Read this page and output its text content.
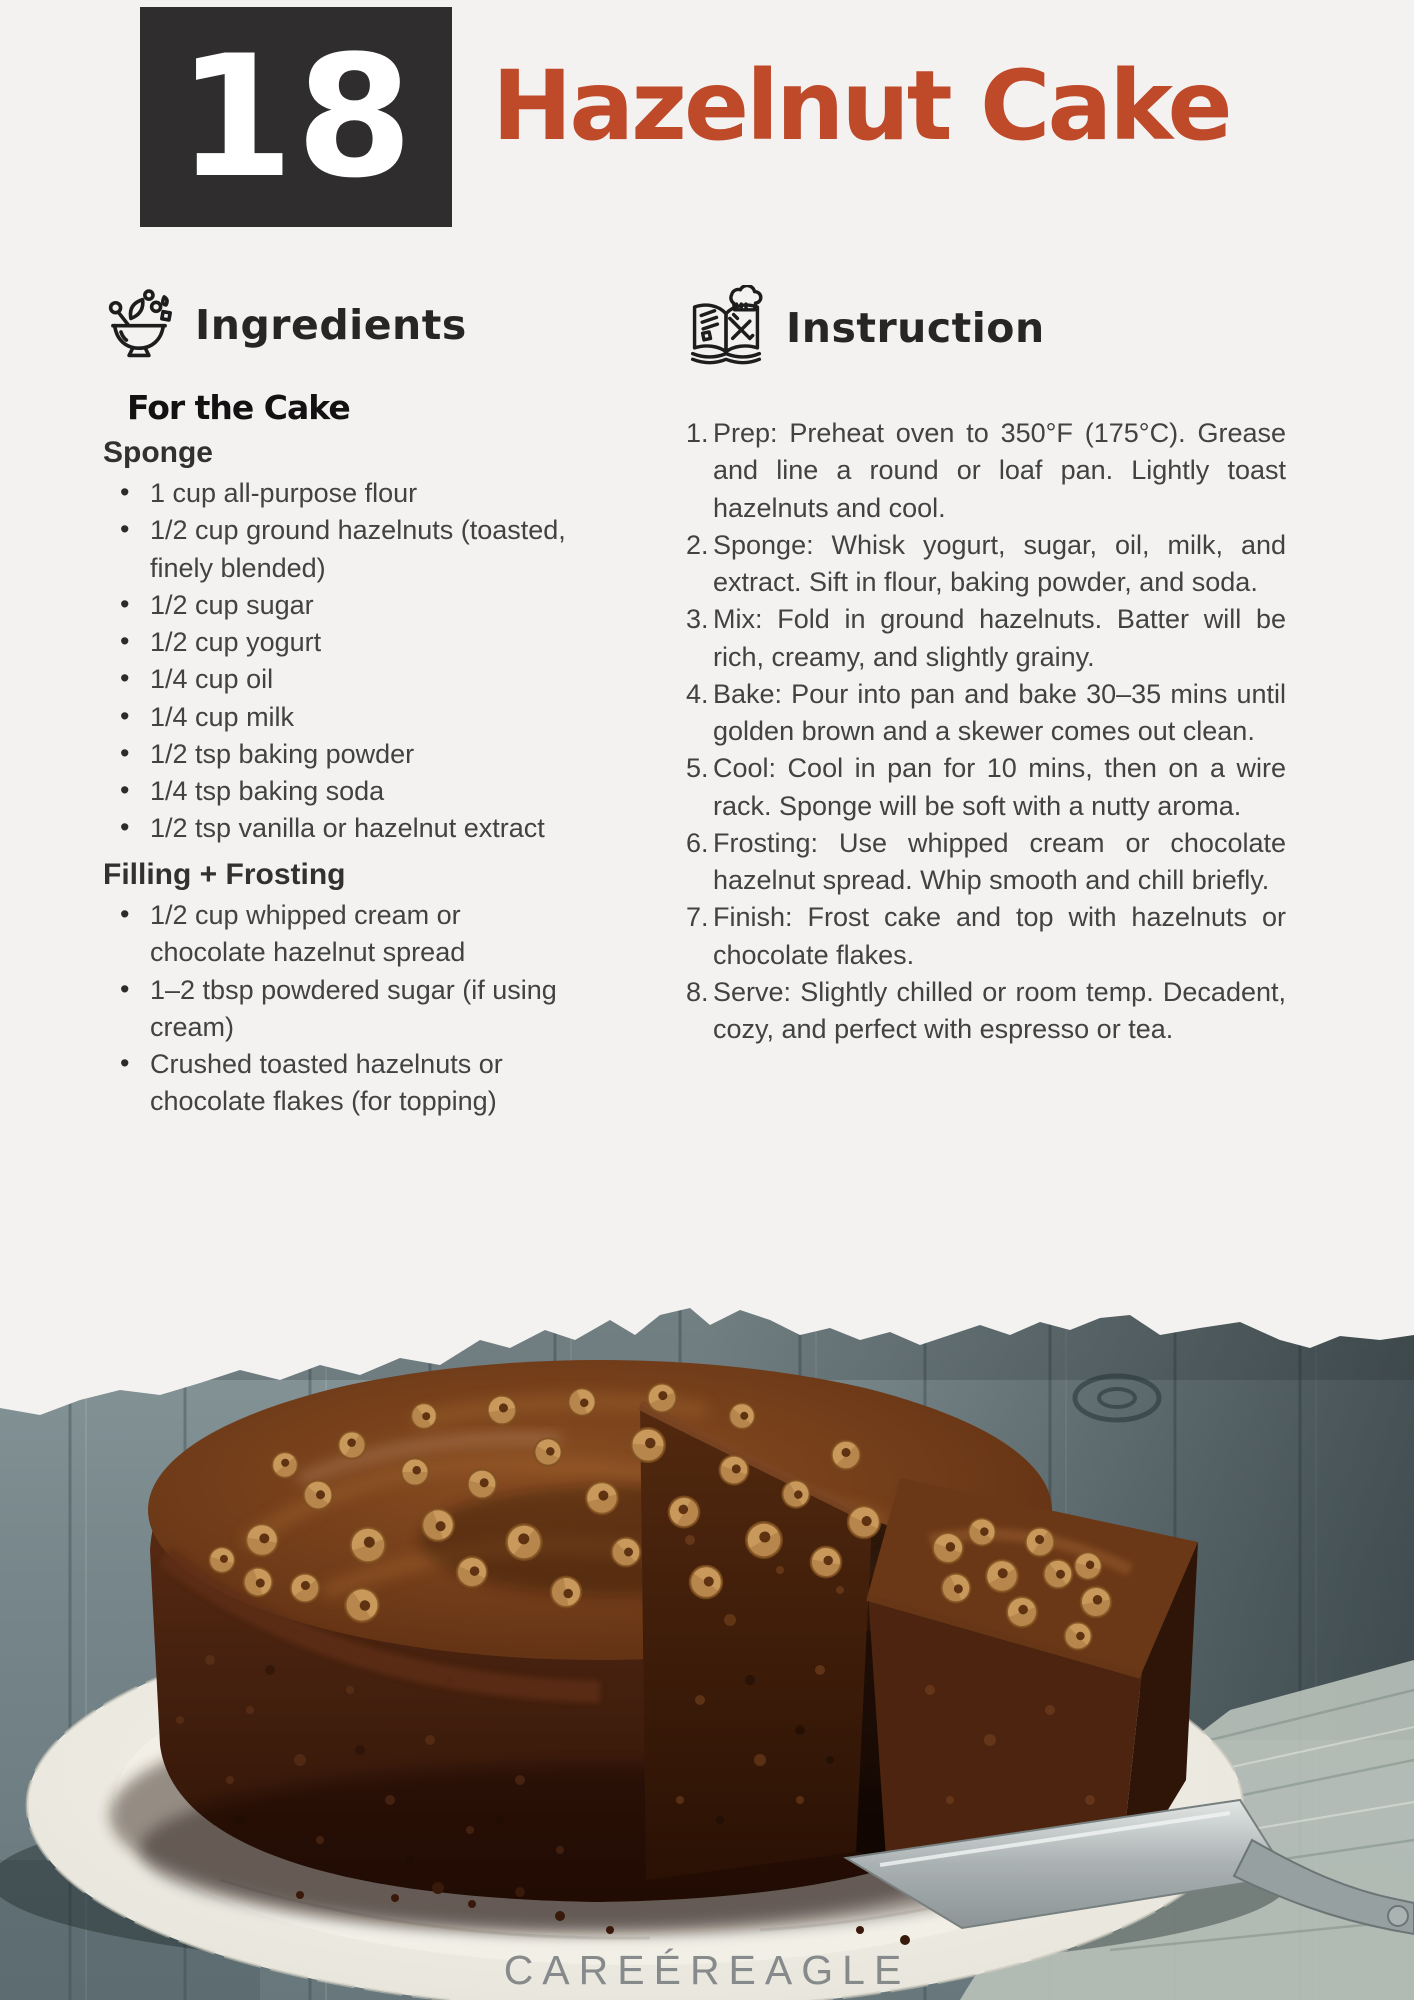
18 Hazelnut Cake
Ingredients
For the Cake
Sponge
• 1 cup all-purpose flour
• 1/2 cup ground hazelnuts (toasted, finely blended)
• 1/2 cup sugar
• 1/2 cup yogurt
• 1/4 cup oil
• 1/4 cup milk
• 1/2 tsp baking powder
• 1/4 tsp baking soda
• 1/2 tsp vanilla or hazelnut extract
Filling + Frosting
• 1/2 cup whipped cream or chocolate hazelnut spread
• 1–2 tbsp powdered sugar (if using cream)
• Crushed toasted hazelnuts or chocolate flakes (for topping)
Instruction
Prep: Preheat oven to 350°F (175°C). Grease and line a round or loaf pan. Lightly toast hazelnuts and cool.
Sponge: Whisk yogurt, sugar, oil, milk, and extract. Sift in flour, baking powder, and soda.
Mix: Fold in ground hazelnuts. Batter will be rich, creamy, and slightly grainy.
Bake: Pour into pan and bake 30–35 mins until golden brown and a skewer comes out clean.
Cool: Cool in pan for 10 mins, then on a wire rack. Sponge will be soft with a nutty aroma.
Frosting: Use whipped cream or chocolate hazelnut spread. Whip smooth and chill briefly.
Finish: Frost cake and top with hazelnuts or chocolate flakes.
Serve: Slightly chilled or room temp. Decadent, cozy, and perfect with espresso or tea.
CAREÉREAGLE
